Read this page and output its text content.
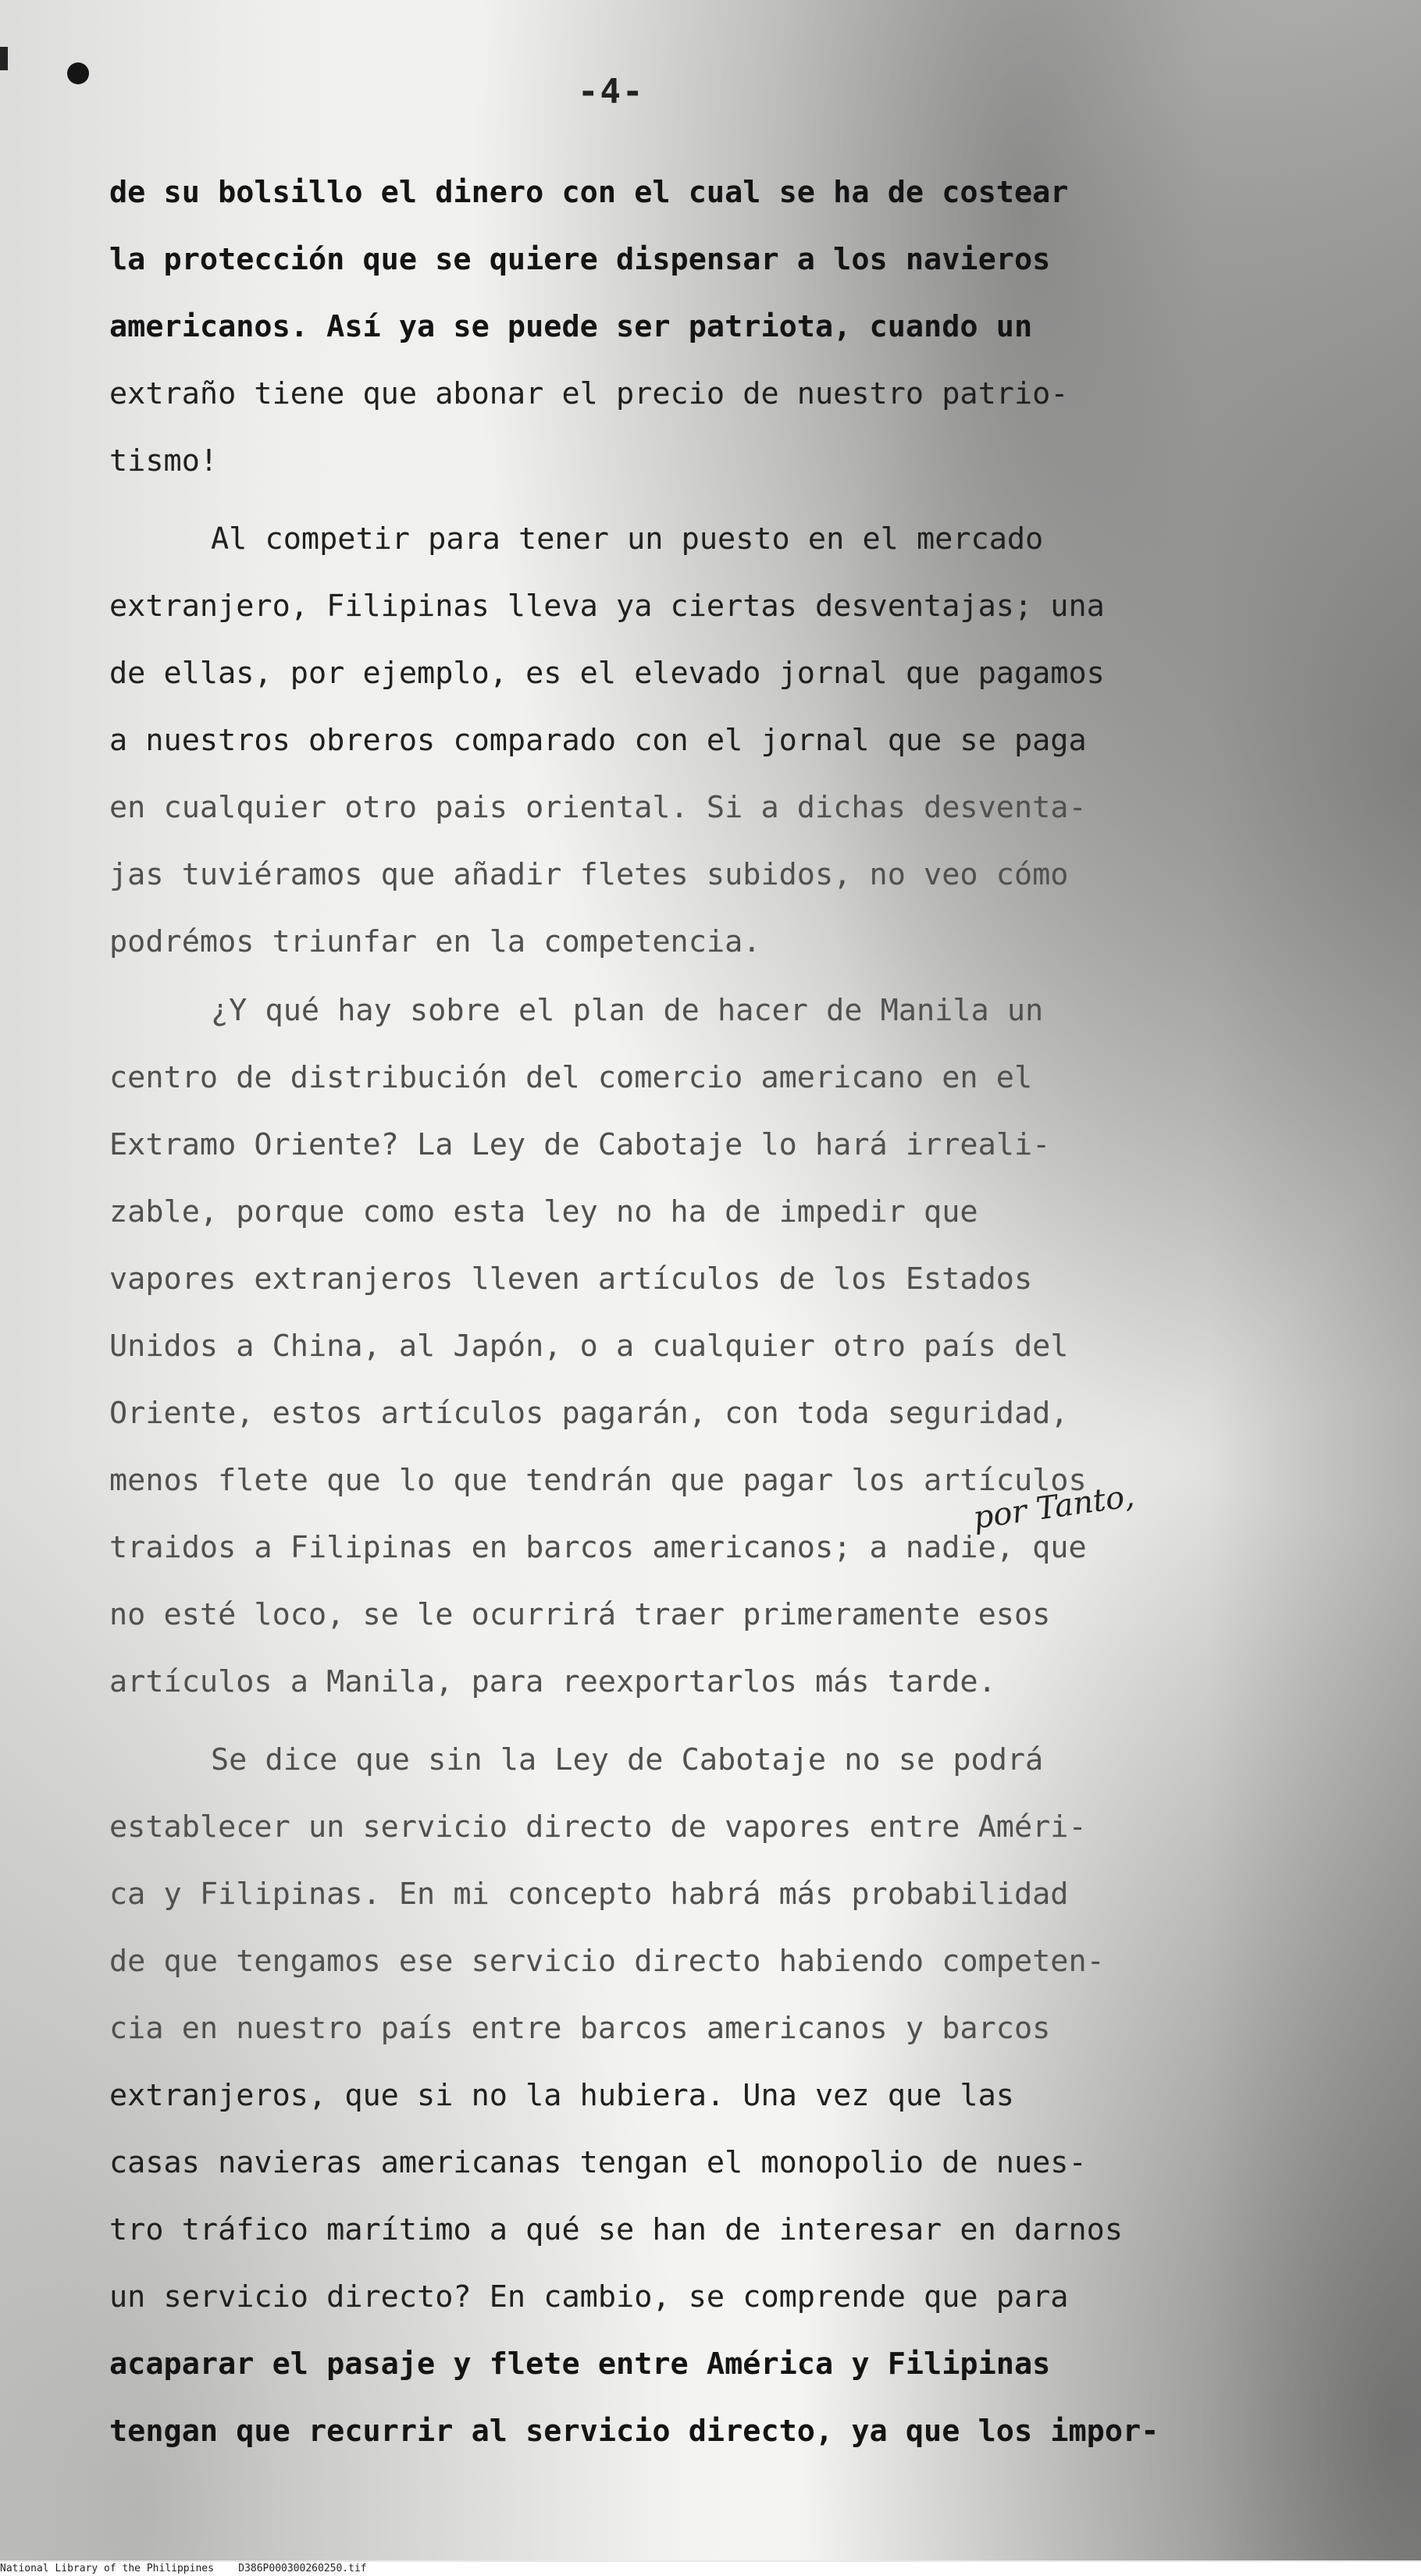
-4-
de su bolsillo el dinero con el cual se ha de costear
la protección que se quiere dispensar a los navieros
americanos. Así ya se puede ser patriota, cuando un
extraño tiene que abonar el precio de nuestro patrio-
tismo!
Al competir para tener un puesto en el mercado
extranjero, Filipinas lleva ya ciertas desventajas; una
de ellas, por ejemplo, es el elevado jornal que pagamos
a nuestros obreros comparado con el jornal que se paga
en cualquier otro pais oriental. Si a dichas desventa-
jas tuviéramos que añadir fletes subidos, no veo cómo
podrémos triunfar en la competencia.
¿Y qué hay sobre el plan de hacer de Manila un
centro de distribución del comercio americano en el
Extramo Oriente? La Ley de Cabotaje lo hará irreali-
zable, porque como esta ley no ha de impedir que
vapores extranjeros lleven artículos de los Estados
Unidos a China, al Japón, o a cualquier otro país del
Oriente, estos artículos pagarán, con toda seguridad,
menos flete que lo que tendrán que pagar los artículos
traidos a Filipinas en barcos americanos; a nadie, que
no esté loco, se le ocurrirá traer primeramente esos
artículos a Manila, para reexportarlos más tarde.
Se dice que sin la Ley de Cabotaje no se podrá
establecer un servicio directo de vapores entre Améri-
ca y Filipinas. En mi concepto habrá más probabilidad
de que tengamos ese servicio directo habiendo competen-
cia en nuestro país entre barcos americanos y barcos
extranjeros, que si no la hubiera. Una vez que las
casas navieras americanas tengan el monopolio de nues-
tro tráfico marítimo a qué se han de interesar en darnos
un servicio directo? En cambio, se comprende que para
acaparar el pasaje y flete entre América y Filipinas
tengan que recurrir al servicio directo, ya que los impor-
por Tanto,
National Library of the Philippines    D386P000300260250.tif
